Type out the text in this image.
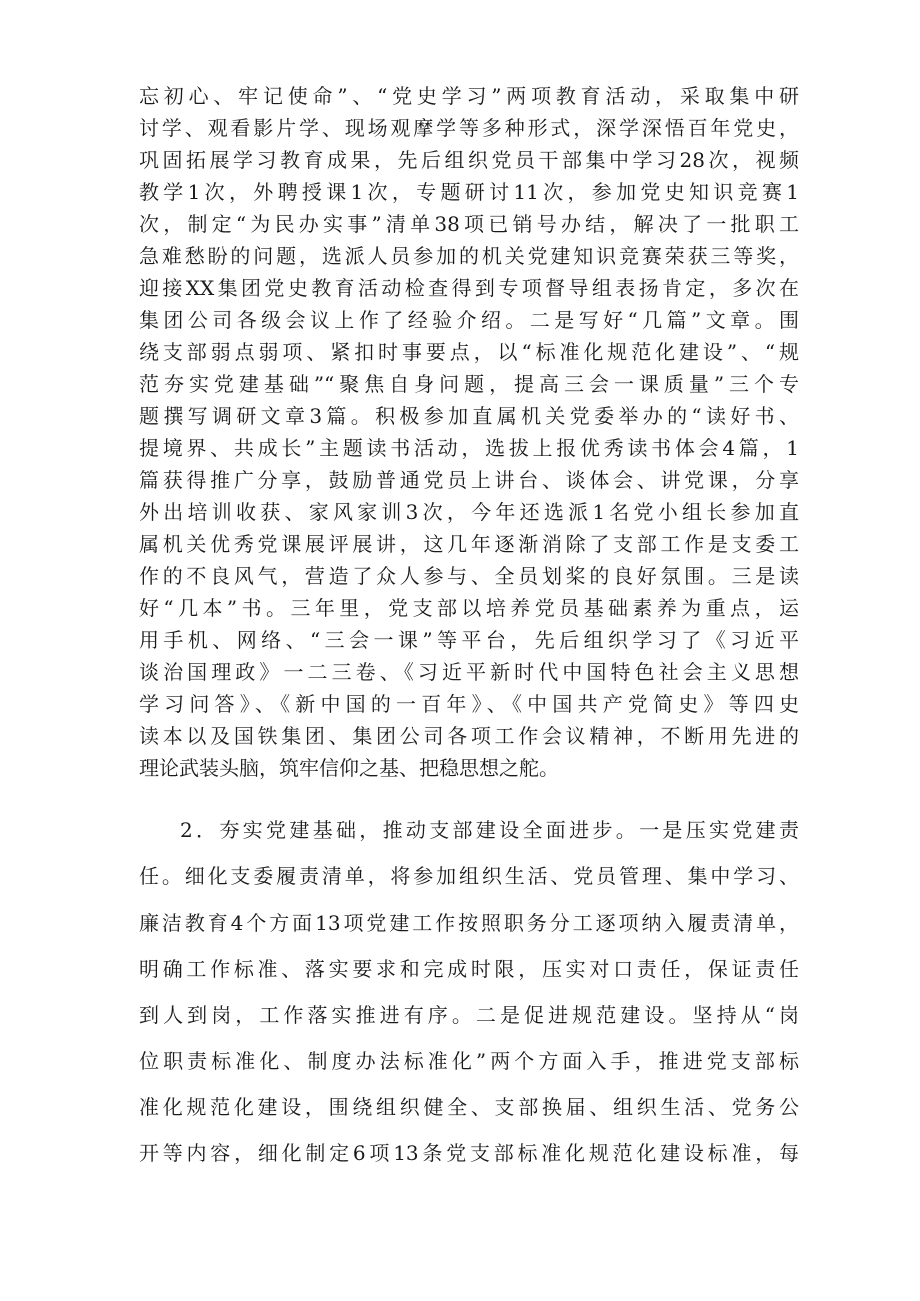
忘初心、牢记使命”、“党史学习”两项教育活动，采取集中研
讨学、观看影片学、现场观摩学等多种形式，深学深悟百年党史，
巩固拓展学习教育成果，先后组织党员干部集中学习28次，视频
教学1次，外聘授课1次，专题研讨11次，参加党史知识竞赛1
次，制定“为民办实事”清单38项已销号办结，解决了一批职工
急难愁盼的问题，选派人员参加的机关党建知识竞赛荣获三等奖，
迎接XX集团党史教育活动检查得到专项督导组表扬肯定，多次在
集团公司各级会议上作了经验介绍。二是写好“几篇”文章。围
绕支部弱点弱项、紧扣时事要点，以“标准化规范化建设”、“规
范夯实党建基础”“聚焦自身问题，提高三会一课质量”三个专
题撰写调研文章3篇。积极参加直属机关党委举办的“读好书、
提境界、共成长”主题读书活动，选拔上报优秀读书体会4篇，1
篇获得推广分享，鼓励普通党员上讲台、谈体会、讲党课，分享
外出培训收获、家风家训3次，今年还选派1名党小组长参加直
属机关优秀党课展评展讲，这几年逐渐消除了支部工作是支委工
作的不良风气，营造了众人参与、全员划桨的良好氛围。三是读
好“几本”书。三年里，党支部以培养党员基础素养为重点，运
用手机、网络、“三会一课”等平台，先后组织学习了《习近平
谈治国理政》一二三卷、《习近平新时代中国特色社会主义思想
学习问答》、《新中国的一百年》、《中国共产党简史》等四史
读本以及国铁集团、集团公司各项工作会议精神，不断用先进的
理论武装头脑，筑牢信仰之基、把稳思想之舵。
2．夯实党建基础，推动支部建设全面进步。一是压实党建责
任。细化支委履责清单，将参加组织生活、党员管理、集中学习、
廉洁教育4个方面13项党建工作按照职务分工逐项纳入履责清单，
明确工作标准、落实要求和完成时限，压实对口责任，保证责任
到人到岗，工作落实推进有序。二是促进规范建设。坚持从“岗
位职责标准化、制度办法标准化”两个方面入手，推进党支部标
准化规范化建设，围绕组织健全、支部换届、组织生活、党务公
开等内容，细化制定6项13条党支部标准化规范化建设标准，每
